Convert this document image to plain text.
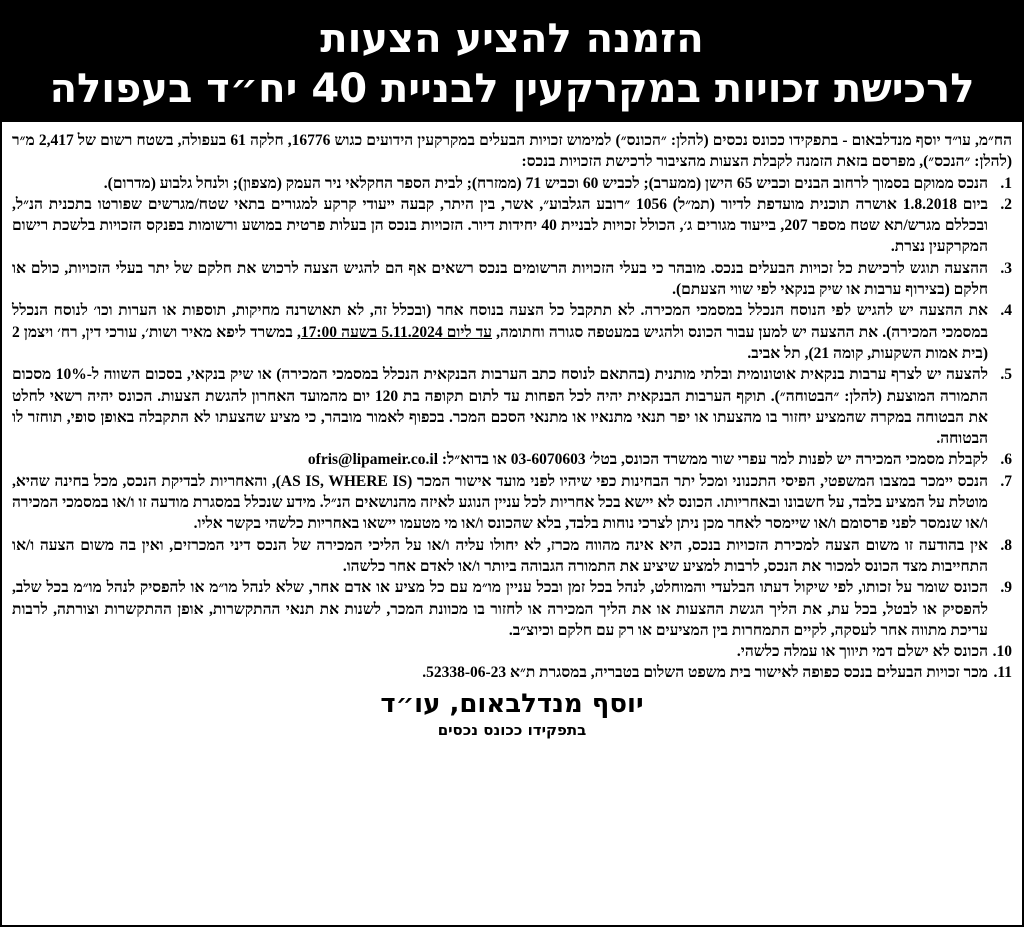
הזמנה להציע הצעות
לרכישת זכויות במקרקעין לבניית 40 יח״ד בעפולה

הח״מ, עו״ד יוסף מנדלבאום - בתפקידו ככונס נכסים (להלן: ״הכונס״) למימוש זכויות הבעלים במקרקעין הידועים כגוש 16776, חלקה 61 בעפולה, בשטח רשום של 2,417 מ״ר (להלן: ״הנכס״), מפרסם בזאת הזמנה לקבלת הצעות מהציבור לרכישת הזכויות בנכס:

1.
הנכס ממוקם בסמוך לרחוב הבנים וכביש 65 הישן (ממערב); לכביש 60 וכביש 71 (ממזרח); לבית הספר החקלאי ניר העמק (מצפון); ולנחל גלבוע (מדרום).
2.
ביום 1.8.2018 אושרה תוכנית מועדפת לדיור (תמ״ל) 1056 ״רובע הגלבוע״, אשר, בין היתר, קבעה ייעודי קרקע למגורים בתאי שטח/מגרשים שפורטו בתכנית הנ״ל, ובכללם מגרש/תא שטח מספר 207, בייעוד מגורים ג׳, הכולל זכויות לבניית 40 יחידות דיור. הזכויות בנכס הן בעלות פרטית במושע ורשומות בפנקס הזכויות בלשכת רישום המקרקעין נצרת.
3.
ההצעה תוגש לרכישת כל זכויות הבעלים בנכס. מובהר כי בעלי הזכויות הרשומים בנכס רשאים אף הם להגיש הצעה לרכוש את חלקם של יתר בעלי הזכויות, כולם או חלקם (בצירוף ערבות או שיק בנקאי לפי שווי הצעתם).
4.
את ההצעה יש להגיש לפי הנוסח הנכלל במסמכי המכירה. לא תתקבל כל הצעה בנוסח אחר (ובכלל זה, לא תאושרנה מחיקות, תוספות או הערות וכו׳ לנוסח הנכלל במסמכי המכירה). את ההצעה יש למען עבור הכונס ולהגיש במעטפה סגורה וחתומה, עד ליום 5.11.2024 בשעה 17:00, במשרד ליפא מאיר ושות׳, עורכי דין, רח׳ ויצמן 2 (בית אמות השקעות, קומה 21), תל אביב.
5.
להצעה יש לצרף ערבות בנקאית אוטונומית ובלתי מותנית (בהתאם לנוסח כתב הערבות הבנקאית הנכלל במסמכי המכירה) או שיק בנקאי, בסכום השווה ל-10% מסכום התמורה המוצעת (להלן: ״הבטוחה״). תוקף הערבות הבנקאית יהיה לכל הפחות עד לתום תקופה בת 120 יום מהמועד האחרון להגשת הצעות. הכונס יהיה רשאי לחלט את הבטוחה במקרה שהמציע יחזור בו מהצעתו או יפר תנאי מתנאיו או מתנאי הסכם המכר. בכפוף לאמור מובהר, כי מציע שהצעתו לא התקבלה באופן סופי, תוחזר לו הבטוחה.
6.
לקבלת מסמכי המכירה יש לפנות למר עפרי שור ממשרד הכונס, בטל׳ 03-6070603 או בדוא״ל: ofris@lipameir.co.il
7.
הנכס יימכר במצבו המשפטי, הפיסי התכנוני ומכל יתר הבחינות כפי שיהיו לפני מועד אישור המכר (AS IS, WHERE IS), והאחריות לבדיקת הנכס, מכל בחינה שהיא, מוטלת על המציע בלבד, על חשבונו ובאחריותו. הכונס לא יישא בכל אחריות לכל עניין הנוגע לאיזה מהנושאים הנ״ל. מידע שנכלל במסגרת מודעה זו ו/או במסמכי המכירה ו/או שנמסר לפני פרסומם ו/או שיימסר לאחר מכן ניתן לצרכי נוחות בלבד, בלא שהכונס ו/או מי מטעמו יישאו באחריות כלשהי בקשר אליו.
8.
אין בהודעה זו משום הצעה למכירת הזכויות בנכס, היא אינה מהווה מכרז, לא יחולו עליה ו/או על הליכי המכירה של הנכס דיני המכרזים, ואין בה משום הצעה ו/או התחייבות מצד הכונס למכור את הנכס, לרבות למציע שיציע את התמורה הגבוהה ביותר ו/או לאדם אחר כלשהו.
9.
הכונס שומר על זכותו, לפי שיקול דעתו הבלעדי והמוחלט, לנהל בכל זמן ובכל עניין מו״מ עם כל מציע או אדם אחר, שלא לנהל מו״מ או להפסיק לנהל מו״מ בכל שלב, להפסיק או לבטל, בכל עת, את הליך הגשת ההצעות או את הליך המכירה או לחזור בו מכוונת המכר, לשנות את תנאי ההתקשרות, אופן ההתקשרות וצורתה, לרבות עריכת מתווה אחר לעסקה, לקיים התמחרות בין המציעים או רק עם חלקם וכיוצ״ב.
10.
הכונס לא ישלם דמי תיווך או עמלה כלשהי.
11.
מכר זכויות הבעלים בנכס כפופה לאישור בית משפט השלום בטבריה, במסגרת ת״א 52338-06-23.
יוסף מנדלבאום, עו״ד
בתפקידו ככונס נכסים
